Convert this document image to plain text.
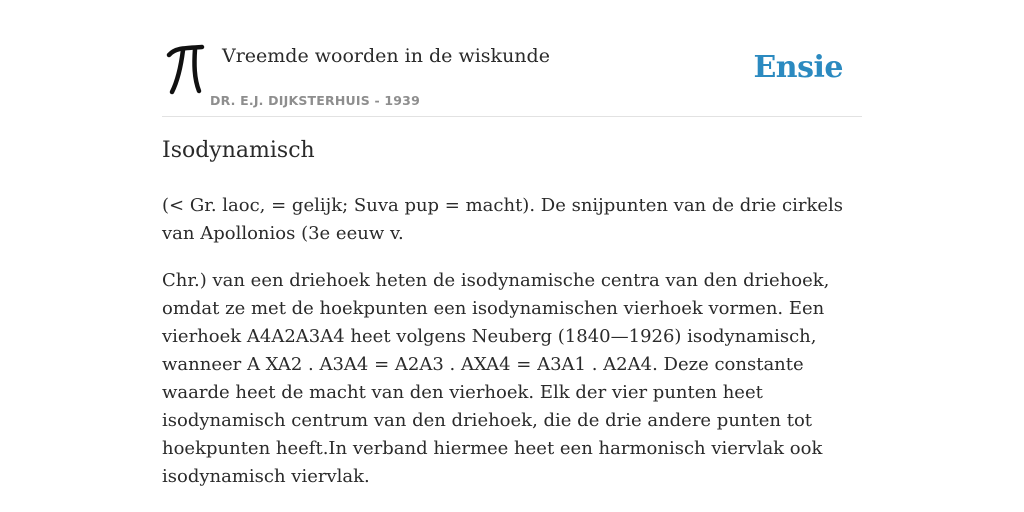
Vreemde woorden in de wiskunde
DR. E.J. DIJKSTERHUIS - 1939
Ensie
Isodynamisch

(< Gr. laoc, = gelijk; Suva pup = macht). De snijpunten van de drie cirkels van Apollonios (3e eeuw v.

Chr.) van een driehoek heten de isodynamische centra van den driehoek, omdat ze met de hoekpunten een isodynamischen vierhoek vormen. Een vierhoek A4A2A3A4 heet volgens Neuberg (1840—1926) isodynamisch, wanneer A XA2 . A3A4 = A2A3 . AXA4 = A3A1 . A2A4. Deze constante waarde heet de macht van den vierhoek. Elk der vier punten heet isodynamisch centrum van den driehoek, die de drie andere punten tot hoekpunten heeft.In verband hiermee heet een harmonisch viervlak ook isodynamisch viervlak.
